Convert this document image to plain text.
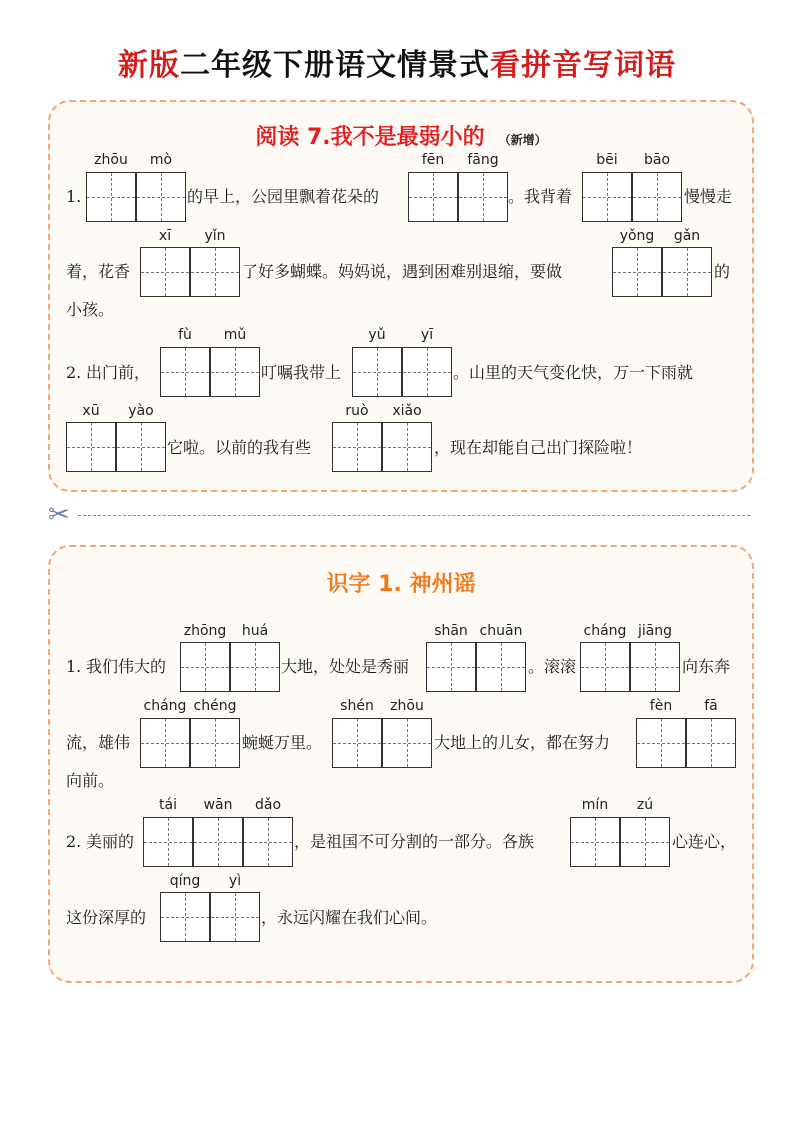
新版二年级下册语文情景式看拼音写词语
阅读 7.我不是最弱小的 （新增）
1.
zhōu	mò
的早上，公园里飘着花朵的
fēn	fāng
。我背着
bēi	bāo
慢慢走
着，花香
xī	yǐn
了好多蝴蝶。妈妈说，遇到困难别退缩，要做
yǒng	gǎn
的
小孩。
2. 出门前，
fù	mǔ
叮嘱我带上
yǔ	yī
。山里的天气变化快，万一下雨就
xū	yào
它啦。以前的我有些
ruò	xiǎo
，现在却能自己出门探险啦！
✂
识字 1. 神州谣
1. 我们伟大的
zhōng	huá
大地，处处是秀丽
shān chuān
。滚滚
cháng jiāng
向东奔
流，雄伟
cháng chéng
蜿蜒万里。
shén	zhōu
大地上的儿女，都在努力
fèn	fā
向前。
2. 美丽的
tái	wān	dǎo
，是祖国不可分割的一部分。各族
mín	zú
心连心，
这份深厚的
qíng	yì
，永远闪耀在我们心间。
